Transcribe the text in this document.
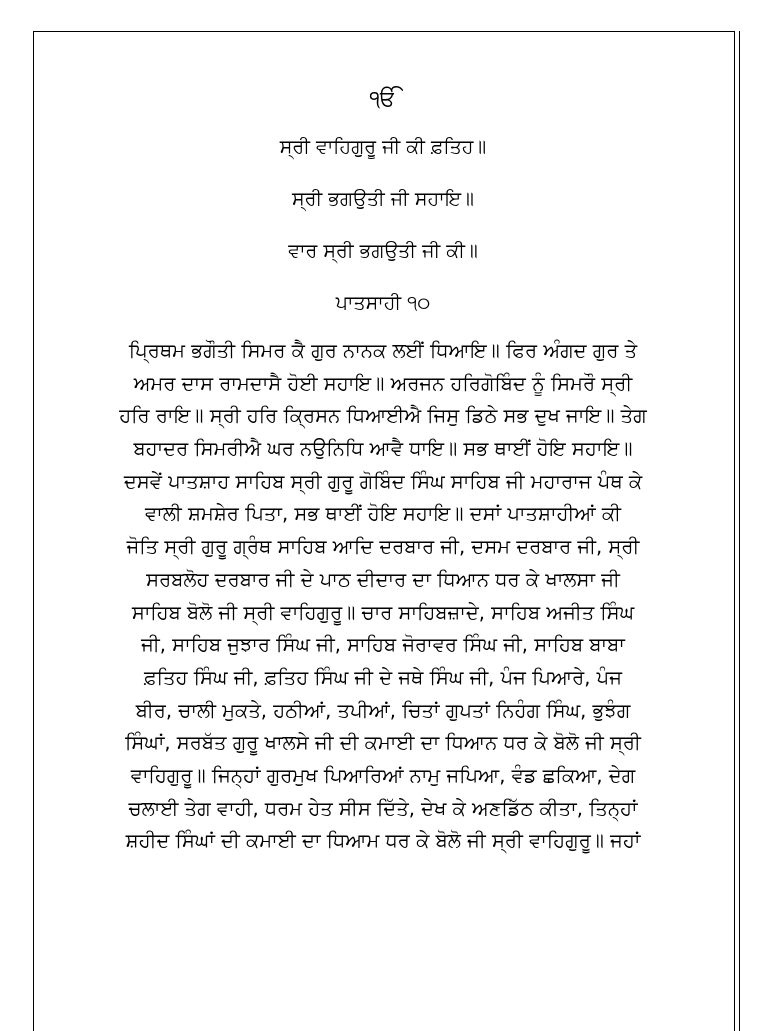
ੴ
ਸ੍ਰੀ ਵਾਹਿਗੁਰੂ ਜੀ ਕੀ ਫ਼ਤਿਹ॥
ਸ੍ਰੀ ਭਗਉਤੀ ਜੀ ਸਹਾਇ॥
ਵਾਰ ਸ੍ਰੀ ਭਗਉਤੀ ਜੀ ਕੀ॥
ਪਾਤਸਾਹੀ ੧੦
ਪ੍ਰਿਥਮ ਭਗੌਤੀ ਸਿਮਰ ਕੈ ਗੁਰ ਨਾਨਕ ਲਈਂ ਧਿਆਇ॥ ਫਿਰ ਅੰਗਦ ਗੁਰ ਤੇ
ਅਮਰ ਦਾਸ ਰਾਮਦਾਸੈ ਹੋਈ ਸਹਾਇ॥ ਅਰਜਨ ਹਰਿਗੋਬਿੰਦ ਨੂੰ ਸਿਮਰੌ ਸ੍ਰੀ
ਹਰਿ ਰਾਇ॥ ਸ੍ਰੀ ਹਰਿ ਕ੍ਰਿਸਨ ਧਿਆਈਐ ਜਿਸੁ ਡਿਠੇ ਸਭ ਦੁਖ ਜਾਇ॥ ਤੇਗ
ਬਹਾਦਰ ਸਿਮਰੀਐ ਘਰ ਨਉਨਿਧਿ ਆਵੈ ਧਾਇ॥ ਸਭ ਥਾਈਂ ਹੋਇ ਸਹਾਇ॥
ਦਸਵੇਂ ਪਾਤਸ਼ਾਹ ਸਾਹਿਬ ਸ੍ਰੀ ਗੁਰੂ ਗੋਬਿੰਦ ਸਿੰਘ ਸਾਹਿਬ ਜੀ ਮਹਾਰਾਜ ਪੰਥ ਕੇ
ਵਾਲੀ ਸ਼ਮਸ਼ੇਰ ਪਿਤਾ, ਸਭ ਥਾਈਂ ਹੋਇ ਸਹਾਇ॥ ਦਸਾਂ ਪਾਤਸ਼ਾਹੀਆਂ ਕੀ
ਜੋਤਿ ਸ੍ਰੀ ਗੁਰੂ ਗ੍ਰੰਥ ਸਾਹਿਬ ਆਦਿ ਦਰਬਾਰ ਜੀ, ਦਸਮ ਦਰਬਾਰ ਜੀ, ਸ੍ਰੀ
ਸਰਬਲੋਹ ਦਰਬਾਰ ਜੀ ਦੇ ਪਾਠ ਦੀਦਾਰ ਦਾ ਧਿਆਨ ਧਰ ਕੇ ਖਾਲਸਾ ਜੀ
ਸਾਹਿਬ ਬੋਲੋ ਜੀ ਸ੍ਰੀ ਵਾਹਿਗੁਰੂ॥ ਚਾਰ ਸਾਹਿਬਜ਼ਾਦੇ, ਸਾਹਿਬ ਅਜੀਤ ਸਿੰਘ
ਜੀ, ਸਾਹਿਬ ਜੁਝਾਰ ਸਿੰਘ ਜੀ, ਸਾਹਿਬ ਜੋਰਾਵਰ ਸਿੰਘ ਜੀ, ਸਾਹਿਬ ਬਾਬਾ
ਫ਼ਤਿਹ ਸਿੰਘ ਜੀ, ਫ਼ਤਿਹ ਸਿੰਘ ਜੀ ਦੇ ਜਥੇ ਸਿੰਘ ਜੀ, ਪੰਜ ਪਿਆਰੇ, ਪੰਜ
ਬੀਰ, ਚਾਲੀ ਮੁਕਤੇ, ਹਠੀਆਂ, ਤਪੀਆਂ, ਚਿਤਾਂ ਗੁਪਤਾਂ ਨਿਹੰਗ ਸਿੰਘ, ਭੁਝੰਗ
ਸਿੰਘਾਂ, ਸਰਬੱਤ ਗੁਰੂ ਖਾਲਸੇ ਜੀ ਦੀ ਕਮਾਈ ਦਾ ਧਿਆਨ ਧਰ ਕੇ ਬੋਲੋ ਜੀ ਸ੍ਰੀ
ਵਾਹਿਗੁਰੂ॥ ਜਿਨ੍ਹਾਂ ਗੁਰਮੁਖ ਪਿਆਰਿਆਂ ਨਾਮੁ ਜਪਿਆ, ਵੰਡ ਛਕਿਆ, ਦੇਗ
ਚਲਾਈ ਤੇਗ ਵਾਹੀ, ਧਰਮ ਹੇਤ ਸੀਸ ਦਿੱਤੇ, ਦੇਖ ਕੇ ਅਣਡਿੱਠ ਕੀਤਾ, ਤਿਨ੍ਹਾਂ
ਸ਼ਹੀਦ ਸਿੰਘਾਂ ਦੀ ਕਮਾਈ ਦਾ ਧਿਆਮ ਧਰ ਕੇ ਬੋਲੋ ਜੀ ਸ੍ਰੀ ਵਾਹਿਗੁਰੂ॥ ਜਹਾਂ
